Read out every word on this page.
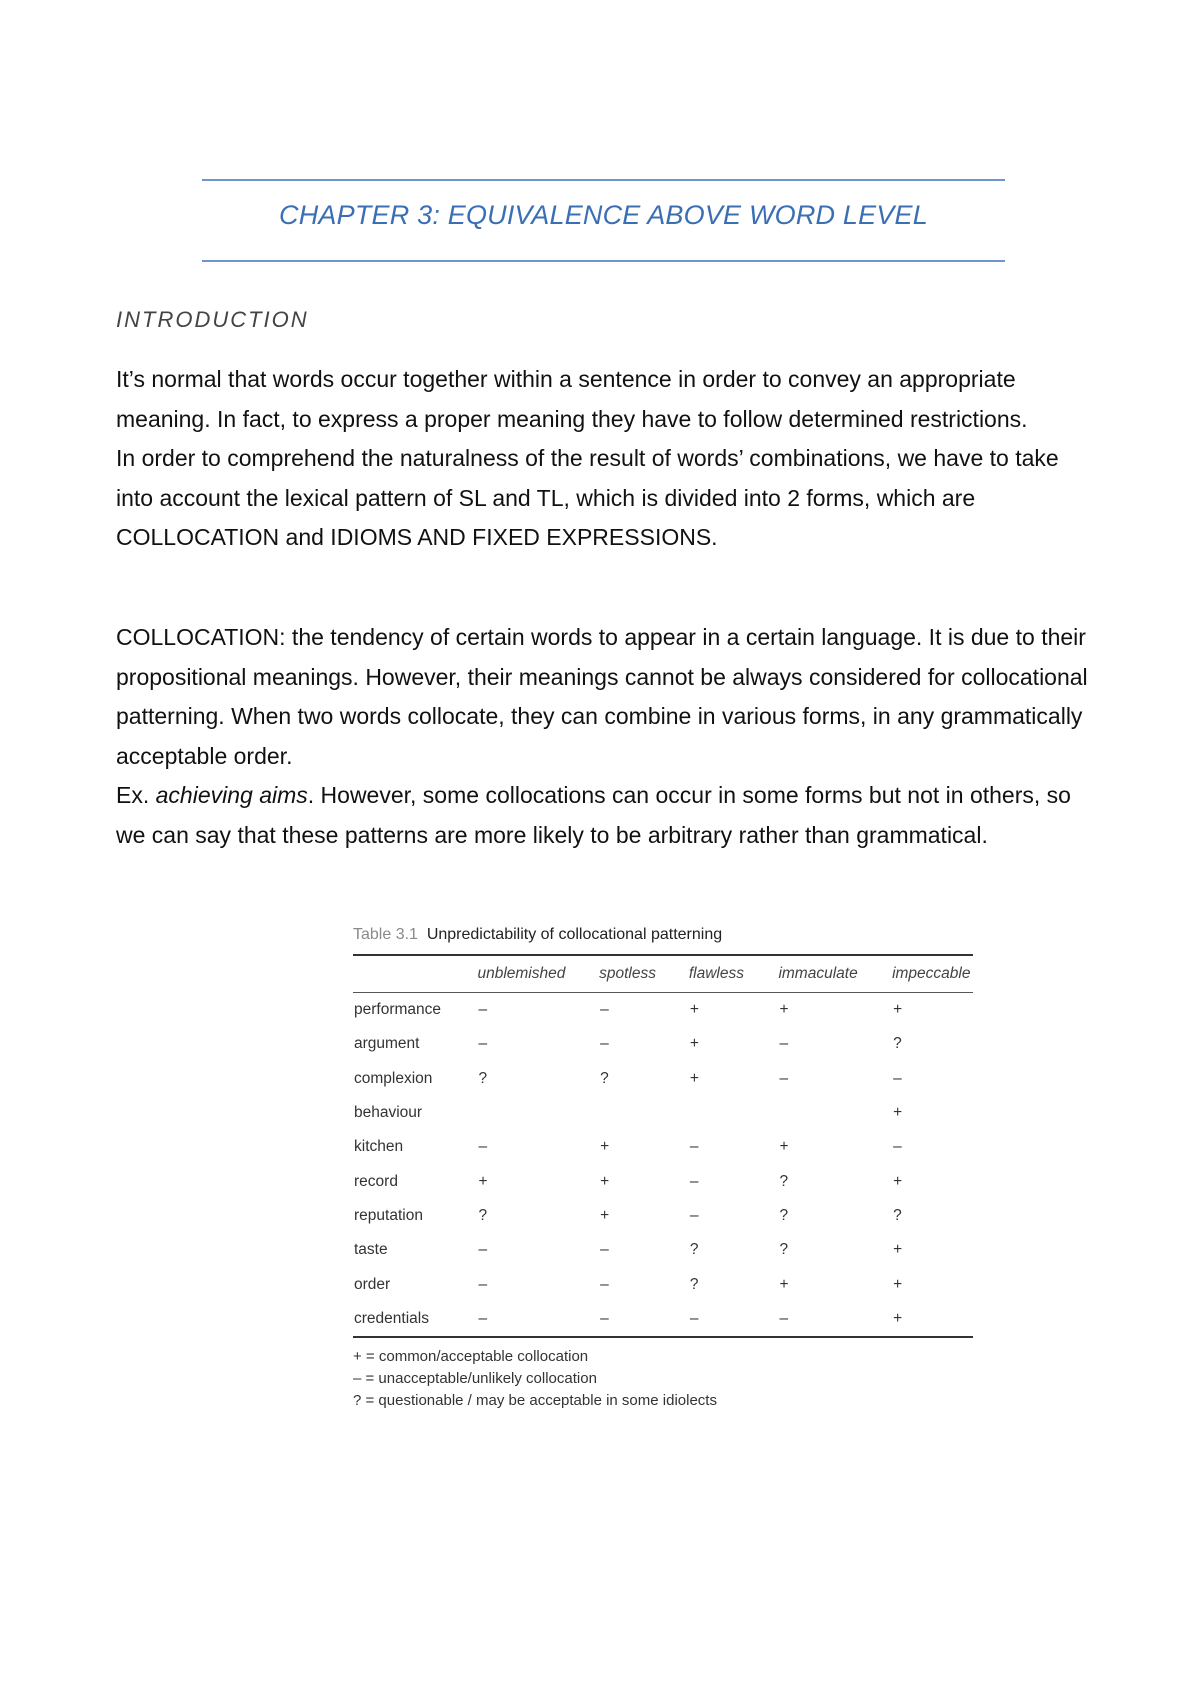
CHAPTER 3: EQUIVALENCE ABOVE WORD LEVEL
INTRODUCTION

It’s normal that words occur together within a sentence in order to convey an appropriate meaning. In fact, to express a proper meaning they have to follow determined restrictions.

In order to comprehend the naturalness of the result of words’ combinations, we have to take into account the lexical pattern of SL and TL, which is divided into 2 forms, which are COLLOCATION and IDIOMS AND FIXED EXPRESSIONS.

COLLOCATION: the tendency of certain words to appear in a certain language. It is due to their propositional meanings. However, their meanings cannot be always considered for collocational patterning. When two words collocate, they can combine in various forms, in any grammatically acceptable order.

Ex. achieving aims. However, some collocations can occur in some forms but not in others, so we can say that these patterns are more likely to be arbitrary rather than grammatical.

Table 3.1 Unpredictability of collocational patterning
	unblemished	spotless	flawless	immaculate	impeccable
performance	–	–	+	+	+
argument	–	–	+	–	?
complexion	?	?	+	–	–
behaviour					+
kitchen	–	+	–	+	–
record	+	+	–	?	+
reputation	?	+	–	?	?
taste	–	–	?	?	+
order	–	–	?	+	+
credentials	–	–	–	–	+
+ = common/acceptable collocation
– = unacceptable/unlikely collocation
? = questionable / may be acceptable in some idiolects
